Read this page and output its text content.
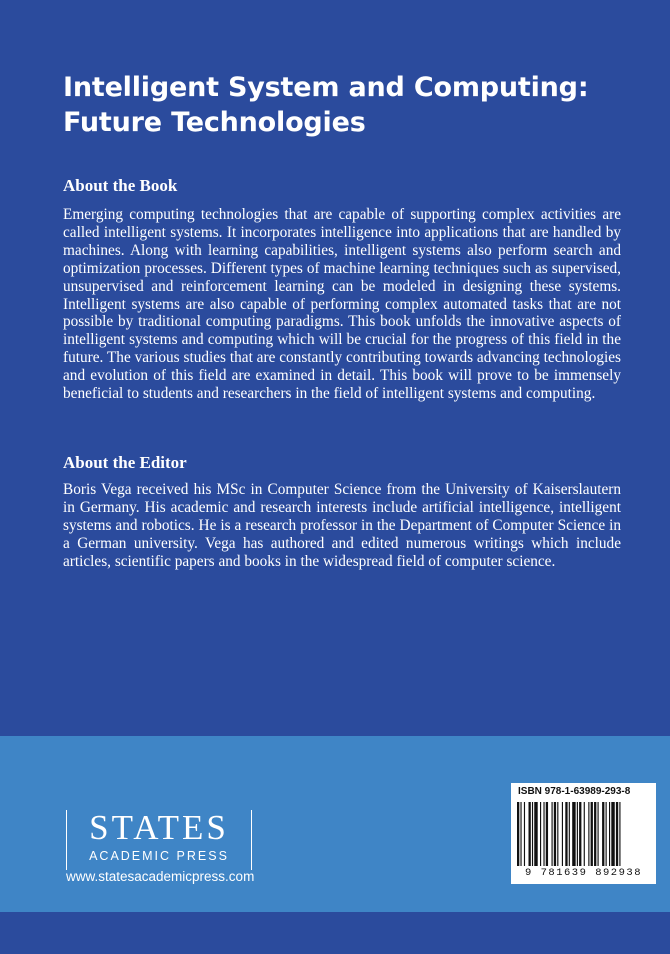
Intelligent System and Computing: Future Technologies
About the Book

Emerging computing technologies that are capable of supporting complex activities are called intelligent systems. It incorporates intelligence into applications that are handled by machines. Along with learning capabilities, intelligent systems also perform search and optimization processes. Different types of machine learning techniques such as supervised, unsupervised and reinforcement learning can be modeled in designing these systems. Intelligent systems are also capable of performing complex automated tasks that are not possible by traditional computing paradigms. This book unfolds the innovative aspects of intelligent systems and computing which will be crucial for the progress of this field in the future. The various studies that are constantly contributing towards advancing technologies and evolution of this field are examined in detail. This book will prove to be immensely beneficial to students and researchers in the field of intelligent systems and computing.

About the Editor

Boris Vega received his MSc in Computer Science from the University of Kaiserslautern in Germany. His academic and research interests include artificial intelligence, intelligent systems and robotics. He is a research professor in the Department of Computer Science in a German university. Vega has authored and edited numerous writings which include articles, scientific papers and books in the widespread field of computer science.

STATES
ACADEMIC PRESS
www.statesacademicpress.com
ISBN 978-1-63989-293-8
9 781639 892938
